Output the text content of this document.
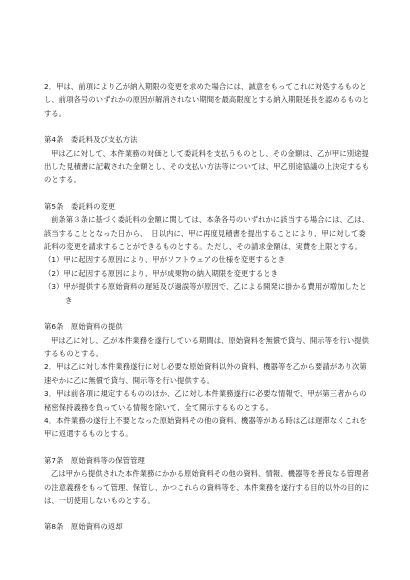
2．甲は、前項により乙が納入期限の変更を求めた場合には、誠意をもってこれに対処するものとし、前項各号のいずれかの原因が解消されない期間を最高限度とする納入期限延長を認めるものとする。

第4条　委託料及び支払方法

甲は乙に対して、本件業務の対価として委託料を支払うものとし、その金額は、乙が甲に別途提出した見積書に記載された金額とし、その支払い方法等については、甲乙別途協議の上決定するものとする。

第5条　委託料の変更

前条第３条に基づく委託料の金額に関しては、本条各号のいずれかに該当する場合には、乙は、該当することとなった日から、　日以内に、甲に再度見積書を提出することにより、甲に対して委託料の変更を請求することができるものとする。ただし、その請求金額は、実費を上限とする。

（1）甲に起因する原因により、甲がソフトウェアの仕様を変更するとき

（2）甲に起因する原因により、甲が成果物の納入期限を変更するとき

（3）甲が提供する原始資料の遅延及び過誤等が原因で、乙による開発に掛かる費用が増加したとき

第6条　原始資料の提供

甲は乙に対し、乙が本件業務を遂行している期間は、原始資料を無償で貸与、開示等を行い提供するものとする。

2．甲は乙に対し本件業務遂行に対し必要な原始資料以外の資料、機器等を乙から要請があり次第速やかに乙に無償で貸与、開示等を行い提供する。

3．甲は前各項に規定するもののほか、乙に対し本件業務遂行に必要な情報で、甲が第三者からの秘密保持義務を負っている情報を除いて、全て開示するものとする。

4．本件業務の遂行上不要となった原始資料その他の資料、機器等がある時は乙は遅滞なくこれを甲に返還するものとする。

第7条　原始資料等の保管管理

乙は甲から提供された本件業務にかかる原始資料その他の資料、情報、機器等を善良なる管理者の注意義務をもって管理、保管し、かつこれらの資料等を、本件業務を遂行する目的以外の目的には、一切使用しないものとする。

第8条　原始資料の返却
